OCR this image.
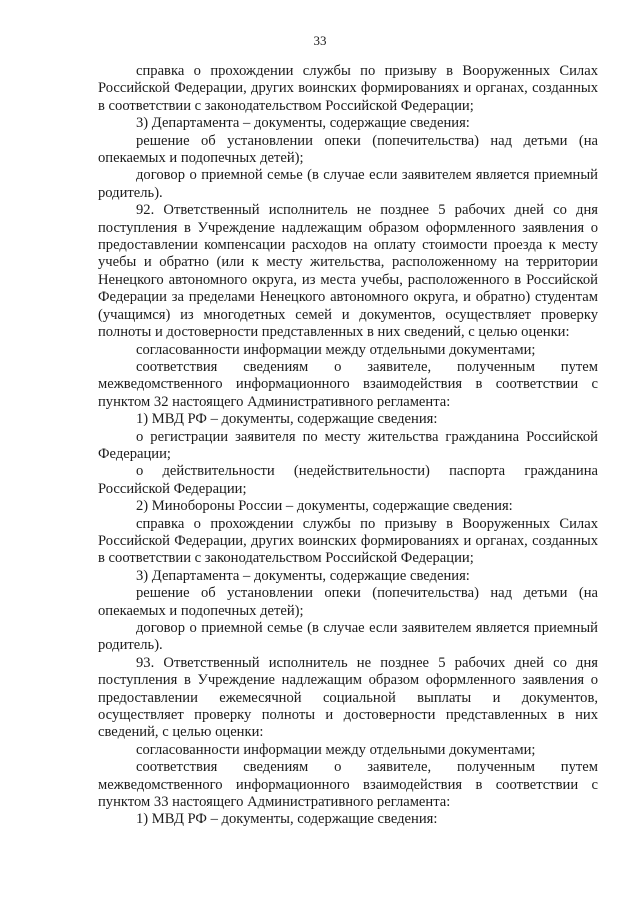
33

справка о прохождении службы по призыву в Вооруженных Силах Российской Федерации, других воинских формированиях и органах, созданных в соответствии с законодательством Российской Федерации;

3) Департамента – документы, содержащие сведения:

решение об установлении опеки (попечительства) над детьми (на опекаемых и подопечных детей);

договор о приемной семье (в случае если заявителем является приемный родитель).

92. Ответственный исполнитель не позднее 5 рабочих дней со дня поступления в Учреждение надлежащим образом оформленного заявления о предоставлении компенсации расходов на оплату стоимости проезда к месту учебы и обратно (или к месту жительства, расположенному на территории Ненецкого автономного округа, из места учебы, расположенного в Российской Федерации за пределами Ненецкого автономного округа, и обратно) студентам (учащимся) из многодетных семей и документов, осуществляет проверку полноты и достоверности представленных в них сведений, с целью оценки:

согласованности информации между отдельными документами;

соответствия сведениям о заявителе, полученным путем межведомственного информационного взаимодействия в соответствии с пунктом 32 настоящего Административного регламента:

1) МВД РФ – документы, содержащие сведения:

о регистрации заявителя по месту жительства гражданина Российской Федерации;

о действительности (недействительности) паспорта гражданина Российской Федерации;

2) Минобороны России – документы, содержащие сведения:

справка о прохождении службы по призыву в Вооруженных Силах Российской Федерации, других воинских формированиях и органах, созданных в соответствии с законодательством Российской Федерации;

3) Департамента – документы, содержащие сведения:

решение об установлении опеки (попечительства) над детьми (на опекаемых и подопечных детей);

договор о приемной семье (в случае если заявителем является приемный родитель).

93. Ответственный исполнитель не позднее 5 рабочих дней со дня поступления в Учреждение надлежащим образом оформленного заявления о предоставлении ежемесячной социальной выплаты и документов, осуществляет проверку полноты и достоверности представленных в них сведений, с целью оценки:

согласованности информации между отдельными документами;

соответствия сведениям о заявителе, полученным путем межведомственного информационного взаимодействия в соответствии с пунктом 33 настоящего Административного регламента:

1) МВД РФ – документы, содержащие сведения:
